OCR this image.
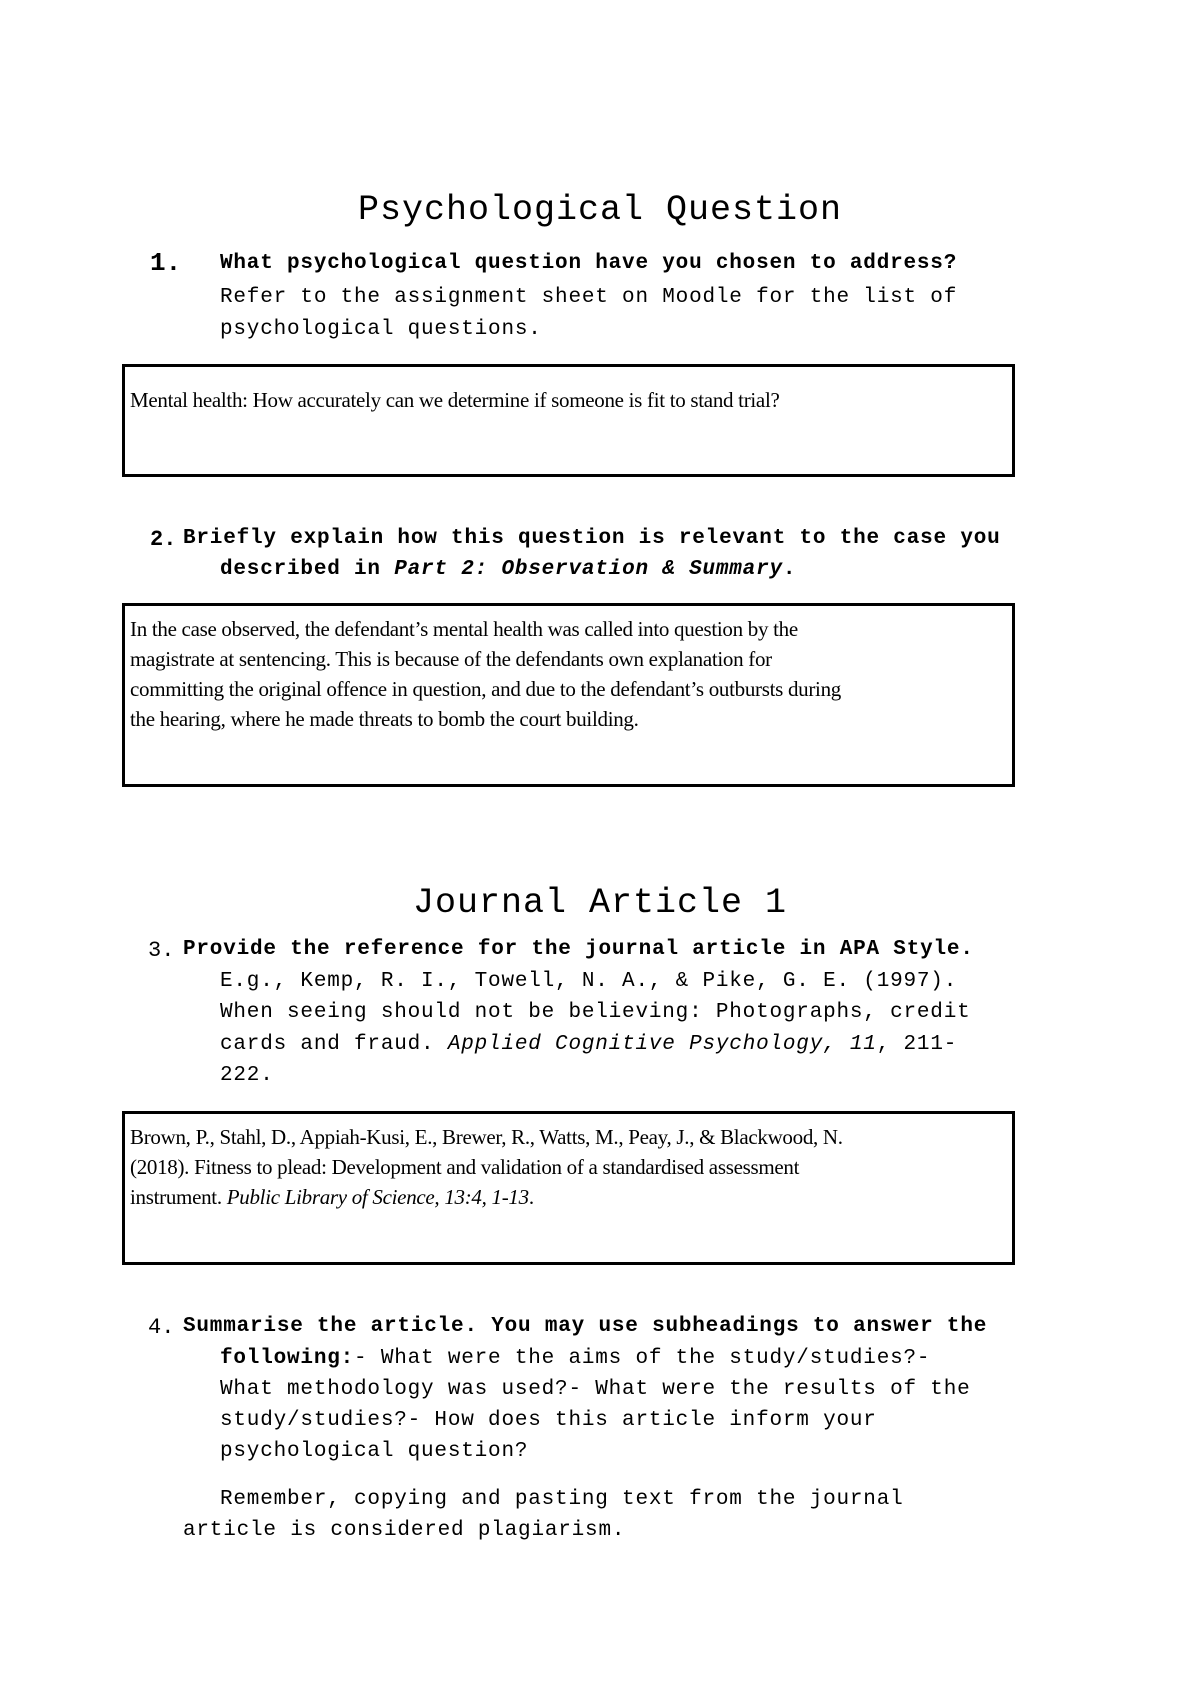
Psychological Question
1. What psychological question have you chosen to address?
Refer to the assignment sheet on Moodle for the list of
psychological questions.
Mental health: How accurately can we determine if someone is fit to stand trial?
2. Briefly explain how this question is relevant to the case you
described in Part 2: Observation & Summary.
In the case observed, the defendant’s mental health was called into question by the
magistrate at sentencing. This is because of the defendants own explanation for
committing the original offence in question, and due to the defendant’s outbursts during
the hearing, where he made threats to bomb the court building.
Journal Article 1
3. Provide the reference for the journal article in APA Style.
E.g., Kemp, R. I., Towell, N. A., & Pike, G. E. (1997).
When seeing should not be believing: Photographs, credit
cards and fraud. Applied Cognitive Psychology, 11, 211-
222.
Brown, P., Stahl, D., Appiah-Kusi, E., Brewer, R., Watts, M., Peay, J., & Blackwood, N.
(2018). Fitness to plead: Development and validation of a standardised assessment
instrument. Public Library of Science, 13:4, 1-13.
4. Summarise the article. You may use subheadings to answer the
following:- What were the aims of the study/studies?-
What methodology was used?- What were the results of the
study/studies?- How does this article inform your
psychological question?
Remember, copying and pasting text from the journal
article is considered plagiarism.
